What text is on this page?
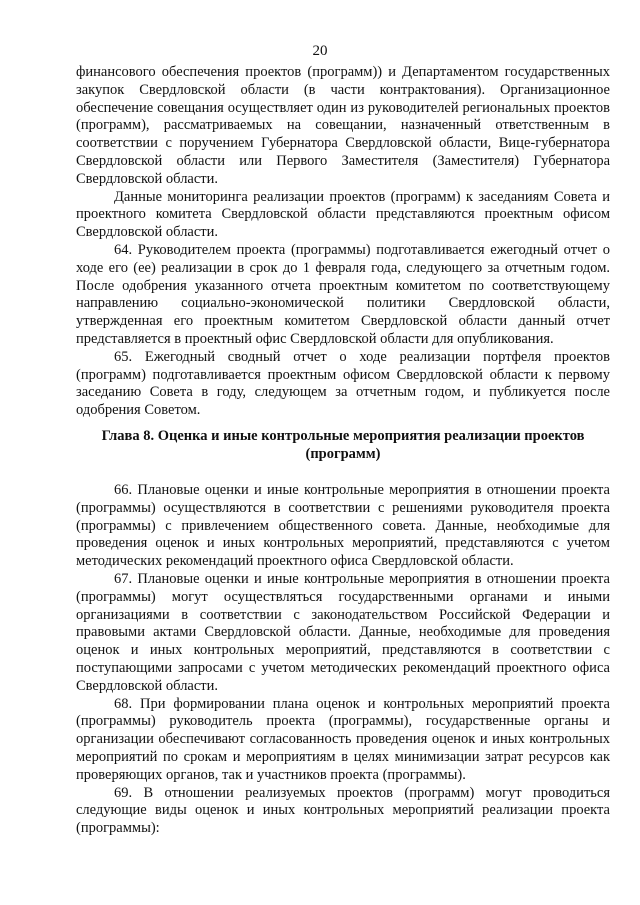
20

финансового обеспечения проектов (программ)) и Департаментом государственных закупок Свердловской области (в части контрактования). Организационное обеспечение совещания осуществляет один из руководителей региональных проектов (программ), рассматриваемых на совещании, назначенный ответственным в соответствии с поручением Губернатора Свердловской области, Вице-губернатора Свердловской области или Первого Заместителя (Заместителя) Губернатора Свердловской области.

Данные мониторинга реализации проектов (программ) к заседаниям Совета и проектного комитета Свердловской области представляются проектным офисом Свердловской области.

64. Руководителем проекта (программы) подготавливается ежегодный отчет о ходе его (ее) реализации в срок до 1 февраля года, следующего за отчетным годом. После одобрения указанного отчета проектным комитетом по соответствующему направлению социально-экономической политики Свердловской области, утвержденная его проектным комитетом Свердловской области данный отчет представляется в проектный офис Свердловской области для опубликования.

65. Ежегодный сводный отчет о ходе реализации портфеля проектов (программ) подготавливается проектным офисом Свердловской области к первому заседанию Совета в году, следующем за отчетным годом, и публикуется после одобрения Советом.

Глава 8. Оценка и иные контрольные мероприятия реализации проектов (программ)

66. Плановые оценки и иные контрольные мероприятия в отношении проекта (программы) осуществляются в соответствии с решениями руководителя проекта (программы) с привлечением общественного совета. Данные, необходимые для проведения оценок и иных контрольных мероприятий, представляются с учетом методических рекомендаций проектного офиса Свердловской области.

67. Плановые оценки и иные контрольные мероприятия в отношении проекта (программы) могут осуществляться государственными органами и иными организациями в соответствии с законодательством Российской Федерации и правовыми актами Свердловской области. Данные, необходимые для проведения оценок и иных контрольных мероприятий, представляются в соответствии с поступающими запросами с учетом методических рекомендаций проектного офиса Свердловской области.

68. При формировании плана оценок и контрольных мероприятий проекта (программы) руководитель проекта (программы), государственные органы и организации обеспечивают согласованность проведения оценок и иных контрольных мероприятий по срокам и мероприятиям в целях минимизации затрат ресурсов как проверяющих органов, так и участников проекта (программы).

69. В отношении реализуемых проектов (программ) могут проводиться следующие виды оценок и иных контрольных мероприятий реализации проекта (программы):
